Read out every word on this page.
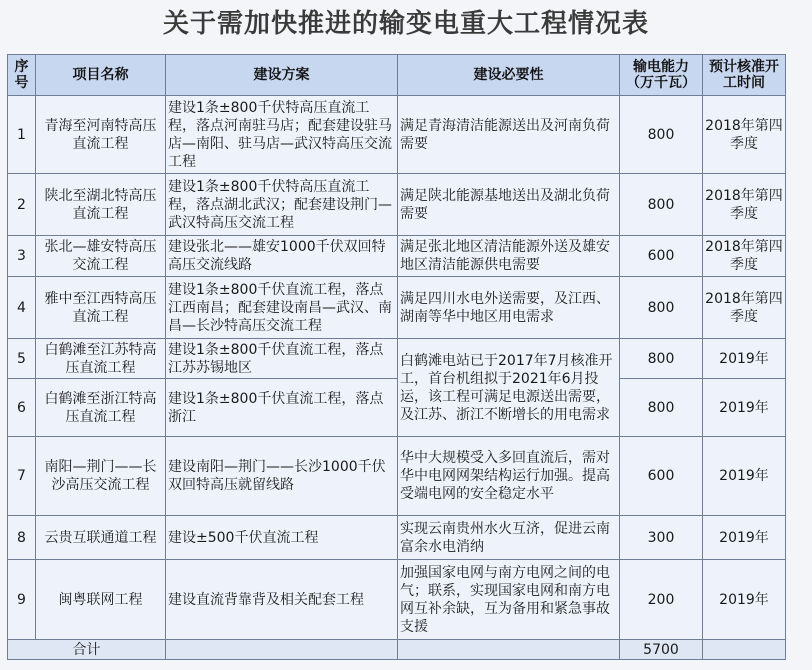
关于需加快推进的输变电重大工程情况表
序号	项目名称	建设方案	建设必要性	输电能力（万千瓦）	预计核准开工时间
1	青海至河南特高压直流工程	建设1条±800千伏特高压直流工程，落点河南驻马店；配套建设驻马店—南阳、驻马店—武汉特高压交流工程	满足青海清洁能源送出及河南负荷需要	800	2018年第四季度
2	陕北至湖北特高压直流工程	建设1条±800千伏特高压直流工程，落点湖北武汉；配套建设荆门—武汉特高压交流工程	满足陕北能源基地送出及湖北负荷需要	800	2018年第四季度
3	张北—雄安特高压交流工程	建设张北——雄安1000千伏双回特高压交流线路	满足张北地区清洁能源外送及雄安地区清洁能源供电需要	600	2018年第四季度
4	雅中至江西特高压直流工程	建设1条±800千伏直流工程，落点江西南昌；配套建设南昌—武汉、南昌—长沙特高压交流工程	满足四川水电外送需要，及江西、湖南等华中地区用电需求	800	2018年第四季度
5	白鹤滩至江苏特高压直流工程	建设1条±800千伏直流工程，落点江苏苏锡地区	白鹤滩电站已于2017年7月核准开工，首台机组拟于2021年6月投运，该工程可满足电源送出需要，及江苏、浙江不断增长的用电需求	800	2019年
6	白鹤滩至浙江特高压直流工程	建设1条±800千伏直流工程，落点浙江		800	2019年
7	南阳—荆门——长沙高压交流工程	建设南阳—荆门——长沙1000千伏双回特高压就留线路	华中大规模受入多回直流后，需对华中电网网架结构运行加强。提高受端电网的安全稳定水平	600	2019年
8	云贵互联通道工程	建设±500千伏直流工程	实现云南贵州水火互济，促进云南富余水电消纳	300	2019年
9	闽粤联网工程	建设直流背靠背及相关配套工程	加强国家电网与南方电网之间的电气；联系，实现国家电网和南方电网互补余缺，互为备用和紧急事故支援	200	2019年
合计				5700	
